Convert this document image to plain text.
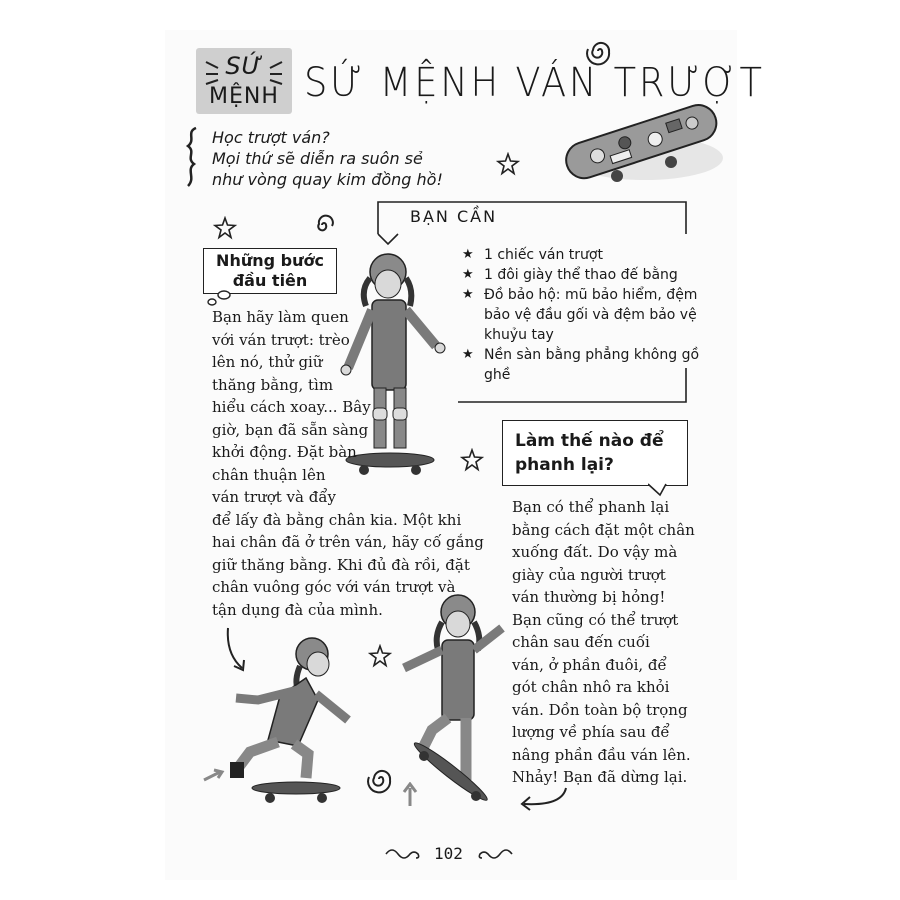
SỨ
MỆNH SỨ MỆNH VÁN TRƯỢT
Học trượt ván?
Mọi thứ sẽ diễn ra suôn sẻ
như vòng quay kim đồng hồ!
BẠN CẦN
★ 1 chiếc ván trượt
★ 1 đôi giày thể thao đế bằng
★ Đồ bảo hộ: mũ bảo hiểm, đệm bảo vệ đầu gối và đệm bảo vệ khuỷu tay
★ Nền sàn bằng phẳng không gồ ghề
Những bước
đầu tiên
Bạn hãy làm quen
với ván trượt: trèo
lên nó, thử giữ
thăng bằng, tìm
hiểu cách xoay... Bây
giờ, bạn đã sẵn sàng
khởi động. Đặt bàn
chân thuận lên
ván trượt và đẩy
để lấy đà bằng chân kia. Một khi
hai chân đã ở trên ván, hãy cố gắng
giữ thăng bằng. Khi đủ đà rồi, đặt
chân vuông góc với ván trượt và
tận dụng đà của mình.
Làm thế nào để
phanh lại?
Bạn có thể phanh lại
bằng cách đặt một chân
xuống đất. Do vậy mà
giày của người trượt
ván thường bị hỏng!
Bạn cũng có thể trượt
chân sau đến cuối
ván, ở phần đuôi, để
gót chân nhô ra khỏi
ván. Dồn toàn bộ trọng
lượng về phía sau để
nâng phần đầu ván lên.
Nhảy! Bạn đã dừng lại.
102
